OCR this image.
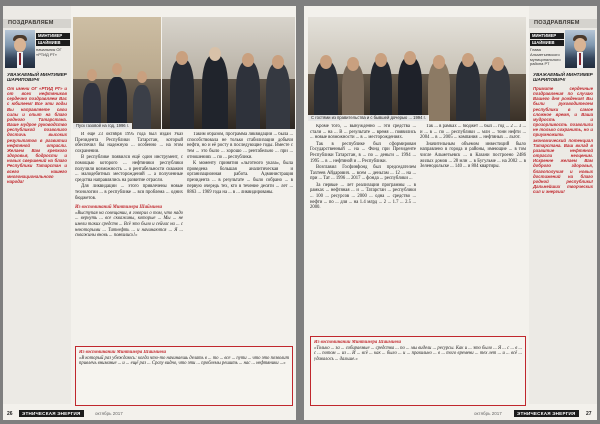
ПОЗДРАВЛЯЕМ
МИНТИМЕР
ШАЙМИЕВ
начальник ОГ «РТИД РТ»
УВАЖАЕМЫЙ МИНТИМЕР ШАРИПОВИЧ!
От имени ОГ «РТИД РТ» и от всех нефтяников сердечно поздравляем Вас с юбилеем! Все эти годы Вы направляете свои силы и опыт на благо родного Татарстана. Ваше мудрое руководство республикой позволило достичь высоких результатов в развитии нефтяной отрасли. Желаем Вам крепкого здоровья, бодрости и новых свершений на благо Республики Татарстан и всего нашего многонационального народа!
Пуск газовой на год, 1996 г.

И ещё 23 октября 1995 года был издан Указ Президента Республики Татарстан, который обеспечил бы надежную ... особенно ... на этом сохранении.

В республике появился ещё один инструмент, с помощью которого ... нефтяники республики получили возможность ... о рентабельности скважин ... малодебитных месторождений ... а полученные средства направлялись на развитие отрасли.

Для ликвидации ... этого привлечены новые технологии ... в республике ... вся проблема ... одних бюджетов.

Из воспоминаний Минтимера Шаймиева
«Выступая на совещании, я говорил о том, что надо ... вернуть ... все скважины, которые ... Мы ... не имели таких средств ... Всё это было и сейчас на ... с некоторыми ... Татнефть ... и начинаются ... Я ... скважины вновь ... появились!»

Таким образом, программа ликвидации ... была ... способствовала не только стабилизации добычи нефти, но и её росту в последующие годы. Вместе с тем ... это было ... хорошо ... рентабельно ... при ... отношениях ... по ... республики.

К моменту принятия «льготного указа», была проведена большая аналитическая и организационная работа. Администрация президента ... в результате ... было собрано ... в первую очередь тех, кто в течение десяти ... лет ... 8863 ... 1969 года на ... в ... ликвидированы.

Из воспоминаний Минтимера Шаймиева
«В который раз убеждаюсь: когда что-то начинаешь делать в ... то ... все ... пути ... что это позволит привлечь внимание ... и ... ещё раз ... Сразу видно, что эти ... проблемы решить ... нас ... нефтяники ...»
26	ЭТНИЧЕСКАЯ ЭНЕРГИЯ	октябрь 2017
ПОЗДРАВЛЯЕМ
МИНТИМЕР
ШАЙМИЕВ
Глава Альметьевского муниципального района РТ
УВАЖАЕМЫЙ МИНТИМЕР ШАРИПОВИЧ!
Примите сердечные поздравления по случаю Вашего дня рождения! Вы были руководителем республики в самое сложное время, и Ваша мудрость и прозорливость позволили не только сохранить, но и приумножить экономический потенциал Татарстана. Ваш вклад в развитие нефтяной отрасли неоценим. Искренне желаем Вам доброго здоровья, благополучия и новых достижений на благо родной республики! Дальнейших творческих сил и энергии!
С гостями из правительства и с бывшей дочерью ... 1994 г.

Кроме того, ... вынужденно ... эти средства ... стали ... на ... В ... результате ... время ... появились ... новые возможности ... в ... месторождениях.

Так в республике был сформирован Государственный ... на ... Фонд при Президенте Республики Татарстан, в ... по ... деньги ... 1994 ... 1995 ... в ... нефтяной и ... Республики.

Возглавил Госфинфонд был председателем Тахтеев Айдарович. ... всем ... деньгам ... 12 ... на ... при ... Тат ... 1996 ... 2017 ... фонда ... республики ...

За первые ... лет реализации программы ... в рамках ... нефтяная ... и ... Татарстан ... республики ... 100 ... ресурсов ... 2000 ... одна ... средство ... нефти ... по ... для ... на 1.4 млрд ... 2 ... 1.7 ... 2.5 ... 2000.

Так ... в рамках ... бюджет ... был ... год ... 2 ... 3 ... и ... в ... по ... республики ... млн ... тонн нефти ... 2004 ... в ... 2005 ... компания ... нефтяных ... льгот.

Значительным объемом инвестиций было направлено в города и районы, имеющие ... в том числе Альметьевск ... в Казани построено 2486 жилых домов ... 28 млн ... в Бугульме ... на 2002 ... в Зеленодольске ... 140 ... и 804 квартиры.

Из воспоминаний Минтимера Шаймиева
«Только ... за ... собираемые ... средства ... по ... мы видели ... ресурсы. Как и ... это было ... Я ... с ... в ... с ... потом ... из ... И ... всё ... как ... было ... и ... правильно ... в ... того времени ... тех лет ... и ... всё ... удавалось ... дальше.»
октябрь 2017	ЭТНИЧЕСКАЯ ЭНЕРГИЯ	27
